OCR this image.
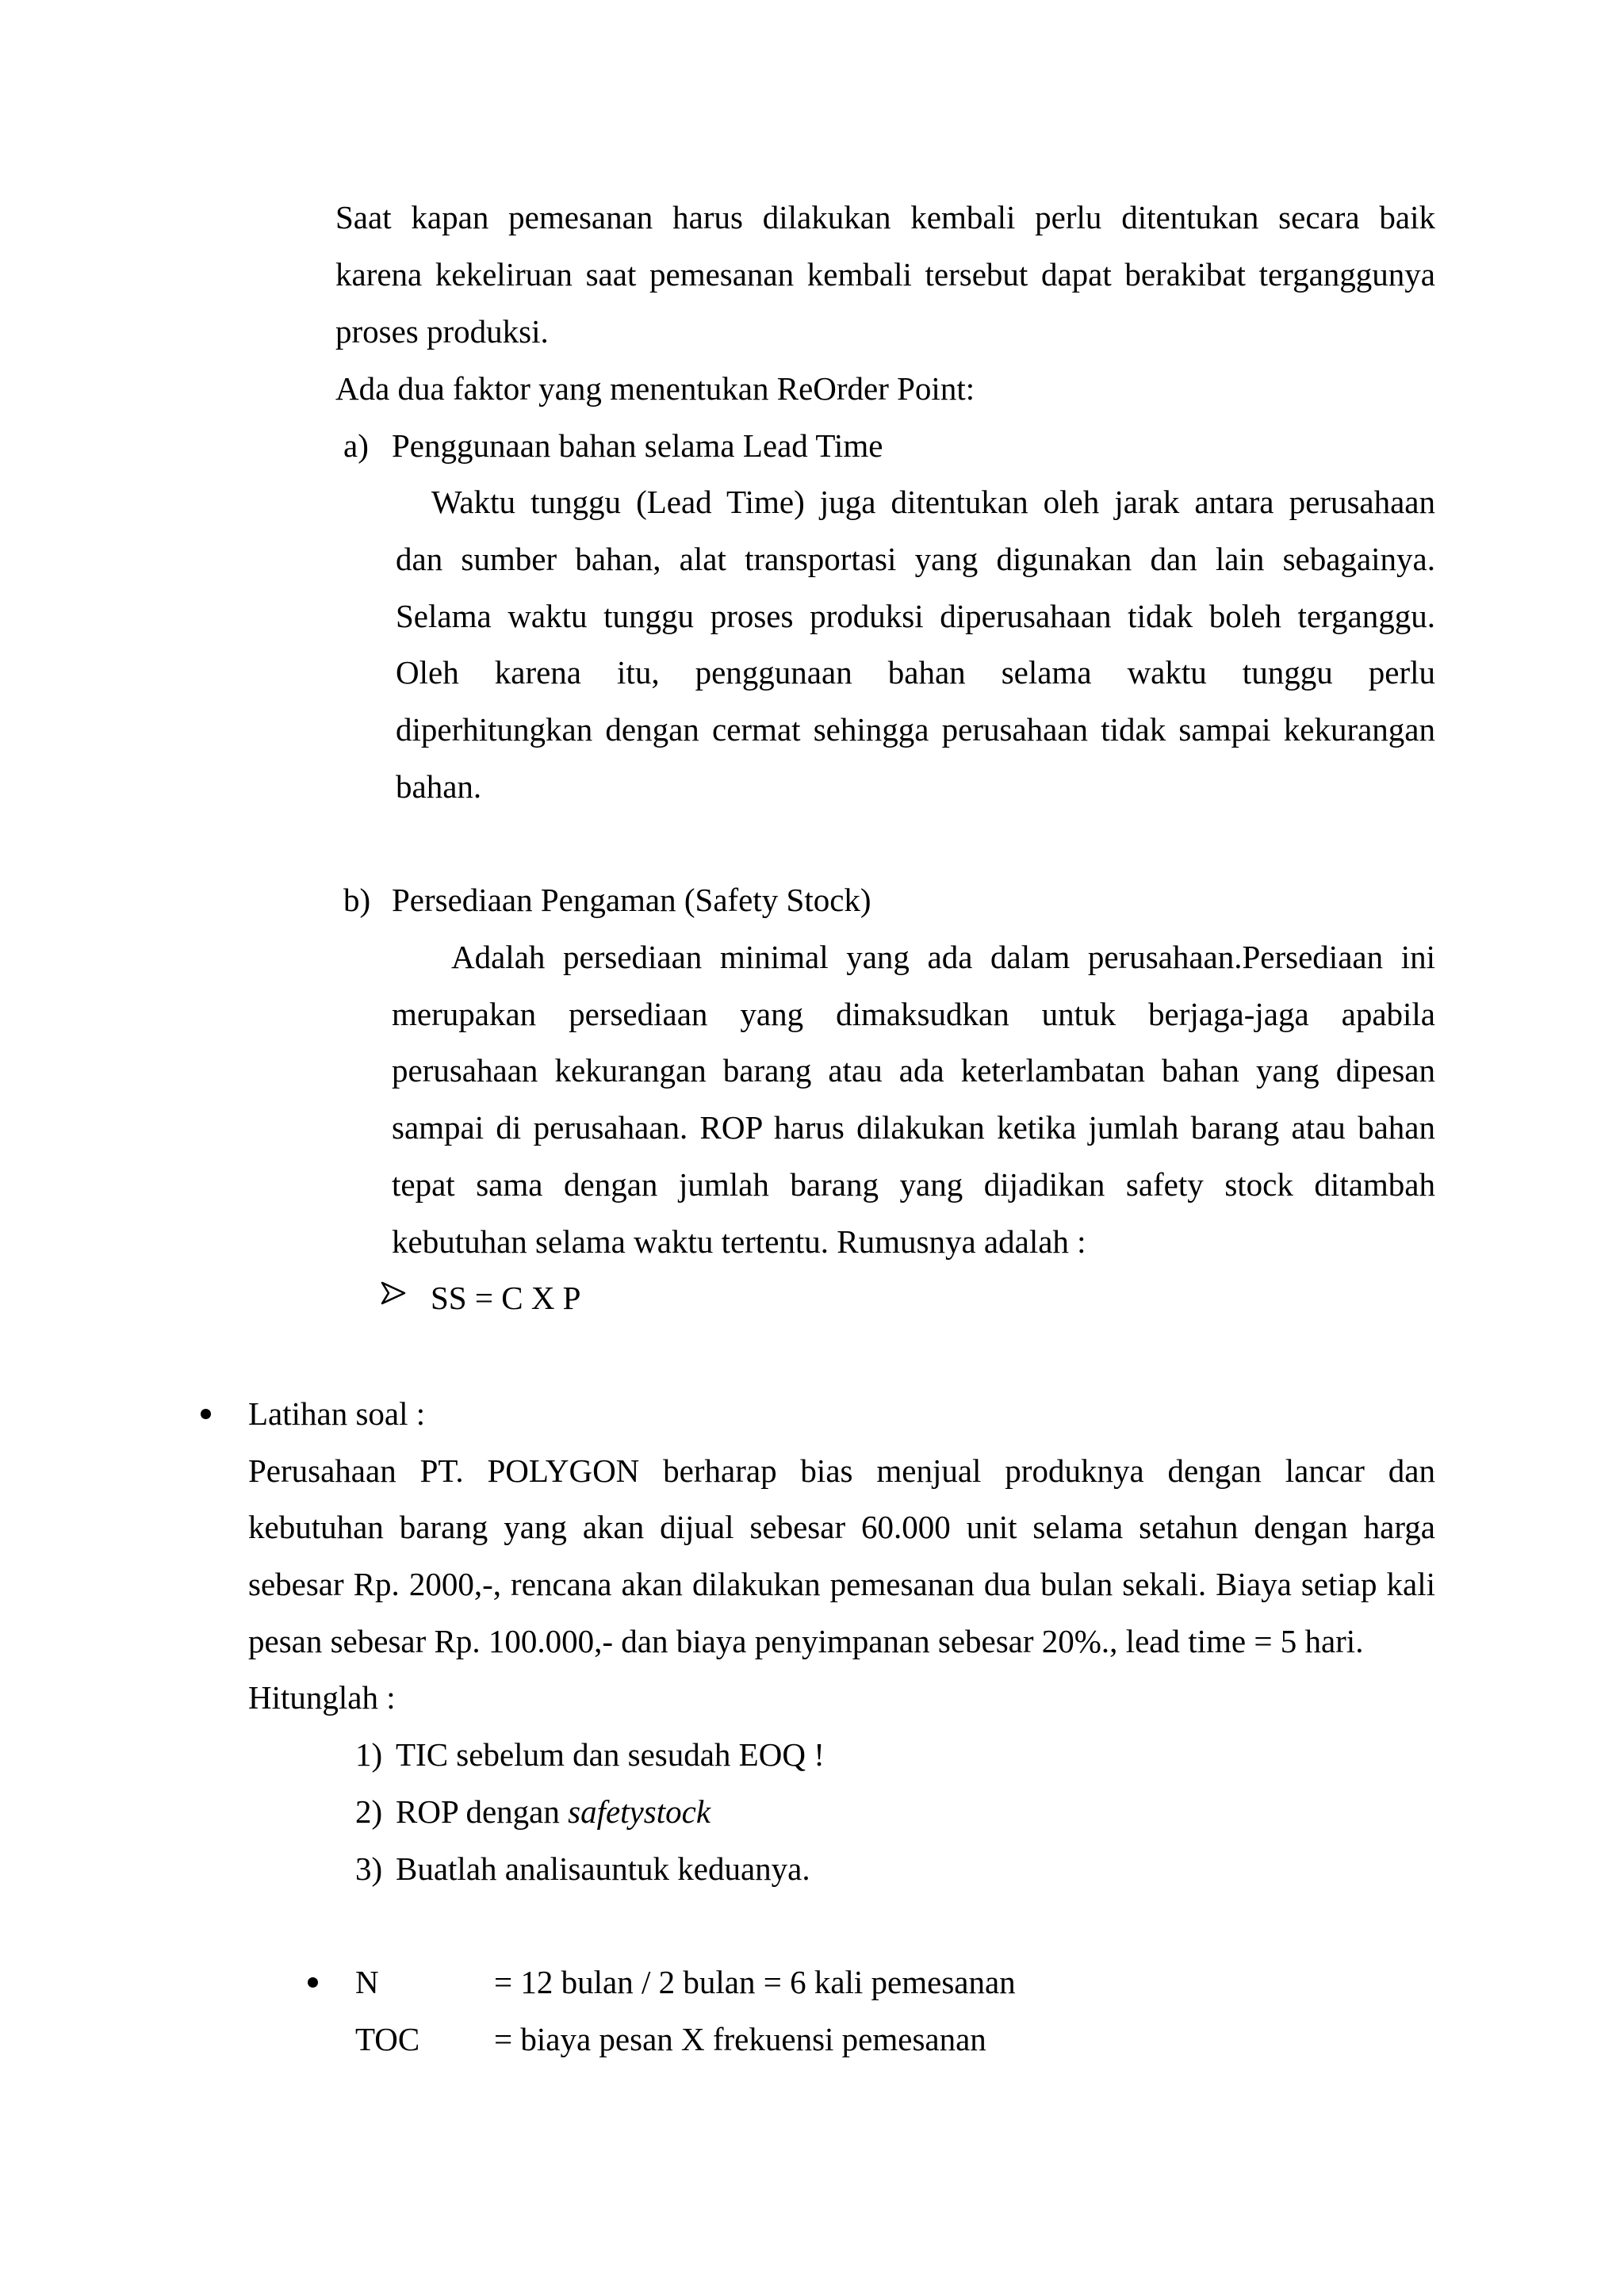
Saat kapan pemesanan harus dilakukan kembali perlu ditentukan secara baik
karena kekeliruan saat pemesanan kembali tersebut dapat berakibat terganggunya
proses produksi.
Ada dua faktor yang menentukan ReOrder Point:
a) Penggunaan bahan selama Lead Time
Waktu tunggu (Lead Time) juga ditentukan oleh jarak antara perusahaan
dan sumber bahan, alat transportasi yang digunakan dan lain sebagainya.
Selama waktu tunggu proses produksi diperusahaan tidak boleh terganggu.
Oleh karena itu, penggunaan bahan selama waktu tunggu perlu
diperhitungkan dengan cermat sehingga perusahaan tidak sampai kekurangan
bahan.
b) Persediaan Pengaman (Safety Stock)
Adalah persediaan minimal yang ada dalam perusahaan.Persediaan ini
merupakan persediaan yang dimaksudkan untuk berjaga-jaga apabila
perusahaan kekurangan barang atau ada keterlambatan bahan yang dipesan
sampai di perusahaan. ROP harus dilakukan ketika jumlah barang atau bahan
tepat sama dengan jumlah barang yang dijadikan safety stock ditambah
kebutuhan selama waktu tertentu. Rumusnya adalah :
SS = C X P
Latihan soal :
Perusahaan PT. POLYGON berharap bias menjual produknya dengan lancar dan
kebutuhan barang yang akan dijual sebesar 60.000 unit selama setahun dengan harga
sebesar Rp. 2000,-, rencana akan dilakukan pemesanan dua bulan sekali. Biaya setiap kali
pesan sebesar Rp. 100.000,- dan biaya penyimpanan sebesar 20%., lead time = 5 hari.
Hitunglah :
1) TIC sebelum dan sesudah EOQ !
2) ROP dengan safetystock
3) Buatlah analisauntuk keduanya.
N	= 12 bulan / 2 bulan = 6 kali pemesanan
TOC = biaya pesan X frekuensi pemesanan
